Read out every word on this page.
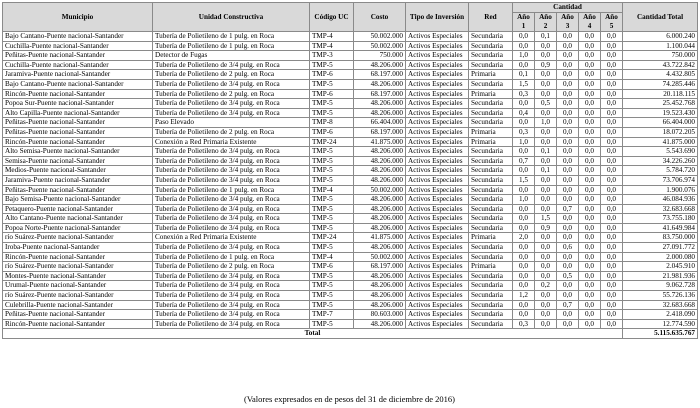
Municipio	Unidad Constructiva	Código UC	Costo	Tipo de Inversión	Red	Cantidad					Cantidad Total
						Año 1	Año 2	Año 3	Año 4	Año 5	
Bajo Cantano-Puente nacional-Santander	Tubería de Polietileno de 1 pulg. en Roca	TMP-4	50.002.000	Activos Especiales	Secundaria	0,0	0,1	0,0	0,0	0,0	6.000.240
Cuchilla-Puente nacional-Santander	Tubería de Polietileno de 1 pulg. en Roca	TMP-4	50.002.000	Activos Especiales	Secundaria	0,0	0,0	0,0	0,0	0,0	1.100.044
Peñitas-Puente nacional-Santander	Detector de Fugas	TMP-3	750.000	Activos Especiales	Secundaria	1,0	0,0	0,0	0,0	0,0	750.000
Cuchilla-Puente nacional-Santander	Tubería de Polietileno de 3/4 pulg. en Roca	TMP-5	48.206.000	Activos Especiales	Secundaria	0,0	0,9	0,0	0,0	0,0	43.722.842
Jaramiva-Puente nacional-Santander	Tubería de Polietileno de 2 pulg. en Roca	TMP-6	68.197.000	Activos Especiales	Primaria	0,1	0,0	0,0	0,0	0,0	4.432.805
Bajo Cantano-Puente nacional-Santander	Tubería de Polietileno de 3/4 pulg. en Roca	TMP-5	48.206.000	Activos Especiales	Secundaria	1,5	0,0	0,0	0,0	0,0	74.285.446
Rincón-Puente nacional-Santander	Tubería de Polietileno de 2 pulg. en Roca	TMP-6	68.197.000	Activos Especiales	Primaria	0,3	0,0	0,0	0,0	0,0	20.118.115
Popoa Sur-Puente nacional-Santander	Tubería de Polietileno de 3/4 pulg. en Roca	TMP-5	48.206.000	Activos Especiales	Secundaria	0,0	0,5	0,0	0,0	0,0	25.452.768
Alto Capilla-Puente nacional-Santander	Tubería de Polietileno de 3/4 pulg. en Roca	TMP-5	48.206.000	Activos Especiales	Secundaria	0,4	0,0	0,0	0,0	0,0	19.523.430
Peñitas-Puente nacional-Santander	Paso Elevado	TMP-8	66.404.000	Activos Especiales	Secundaria	0,0	1,0	0,0	0,0	0,0	66.404.000
Peñitas-Puente nacional-Santander	Tubería de Polietileno de 2 pulg. en Roca	TMP-6	68.197.000	Activos Especiales	Primaria	0,3	0,0	0,0	0,0	0,0	18.072.205
Rincón-Puente nacional-Santander	Conexión a Red Primaria Existente	TMP-24	41.875.000	Activos Especiales	Primaria	1,0	0,0	0,0	0,0	0,0	41.875.000
Alto Semisa-Puente nacional-Santander	Tubería de Polietileno de 3/4 pulg. en Roca	TMP-5	48.206.000	Activos Especiales	Secundaria	0,0	0,1	0,0	0,0	0,0	5.543.690
Semisa-Puente nacional-Santander	Tubería de Polietileno de 3/4 pulg. en Roca	TMP-5	48.206.000	Activos Especiales	Secundaria	0,7	0,0	0,0	0,0	0,0	34.226.260
Medios-Puente nacional-Santander	Tubería de Polietileno de 3/4 pulg. en Roca	TMP-5	48.206.000	Activos Especiales	Secundaria	0,0	0,1	0,0	0,0	0,0	5.784.720
Jaramiva-Puente nacional-Santander	Tubería de Polietileno de 3/4 pulg. en Roca	TMP-5	48.206.000	Activos Especiales	Secundaria	1,5	0,0	0,0	0,0	0,0	73.706.974
Peñitas-Puente nacional-Santander	Tubería de Polietileno de 1 pulg. en Roca	TMP-4	50.002.000	Activos Especiales	Secundaria	0,0	0,0	0,0	0,0	0,0	1.900.076
Bajo Semisa-Puente nacional-Santander	Tubería de Polietileno de 3/4 pulg. en Roca	TMP-5	48.206.000	Activos Especiales	Secundaria	1,0	0,0	0,0	0,0	0,0	46.084.936
Petaquero-Puente nacional-Santander	Tubería de Polietileno de 3/4 pulg. en Roca	TMP-5	48.206.000	Activos Especiales	Secundaria	0,0	0,0	0,7	0,0	0,0	32.683.668
Alto Cantano-Puente nacional-Santander	Tubería de Polietileno de 3/4 pulg. en Roca	TMP-5	48.206.000	Activos Especiales	Secundaria	0,0	1,5	0,0	0,0	0,0	73.755.180
Popoa Norte-Puente nacional-Santander	Tubería de Polietileno de 3/4 pulg. en Roca	TMP-5	48.206.000	Activos Especiales	Secundaria	0,0	0,9	0,0	0,0	0,0	41.649.984
río Suárez-Puente nacional-Santander	Conexión a Red Primaria Existente	TMP-24	41.875.000	Activos Especiales	Primaria	2,0	0,0	0,0	0,0	0,0	83.750.000
Iroba-Puente nacional-Santander	Tubería de Polietileno de 3/4 pulg. en Roca	TMP-5	48.206.000	Activos Especiales	Secundaria	0,0	0,0	0,6	0,0	0,0	27.091.772
Rincón-Puente nacional-Santander	Tubería de Polietileno de 1 pulg. en Roca	TMP-4	50.002.000	Activos Especiales	Secundaria	0,0	0,0	0,0	0,0	0,0	2.000.080
río Suárez-Puente nacional-Santander	Tubería de Polietileno de 2 pulg. en Roca	TMP-6	68.197.000	Activos Especiales	Primaria	0,0	0,0	0,0	0,0	0,0	2.045.910
Montes-Puente nacional-Santander	Tubería de Polietileno de 3/4 pulg. en Roca	TMP-5	48.206.000	Activos Especiales	Secundaria	0,0	0,0	0,5	0,0	0,0	21.981.936
Urumal-Puente nacional-Santander	Tubería de Polietileno de 3/4 pulg. en Roca	TMP-5	48.206.000	Activos Especiales	Secundaria	0,0	0,2	0,0	0,0	0,0	9.062.728
río Suárez-Puente nacional-Santander	Tubería de Polietileno de 3/4 pulg. en Roca	TMP-5	48.206.000	Activos Especiales	Secundaria	1,2	0,0	0,0	0,0	0,0	55.726.136
Culebrilla-Puente nacional-Santander	Tubería de Polietileno de 3/4 pulg. en Roca	TMP-5	48.206.000	Activos Especiales	Secundaria	0,0	0,0	0,7	0,0	0,0	32.683.668
Peñitas-Puente nacional-Santander	Tubería de Polietileno de 3/4 pulg. en Roca	TMP-7	80.603.000	Activos Especiales	Secundaria	0,0	0,0	0,0	0,0	0,0	2.418.090
Rincón-Puente nacional-Santander	Tubería de Polietileno de 3/4 pulg. en Roca	TMP-5	48.206.000	Activos Especiales	Secundaria	0,3	0,0	0,0	0,0	0,0	12.774.590
Total											5.115.635.767
(Valores expresados en de pesos del 31 de diciembre de 2016)
